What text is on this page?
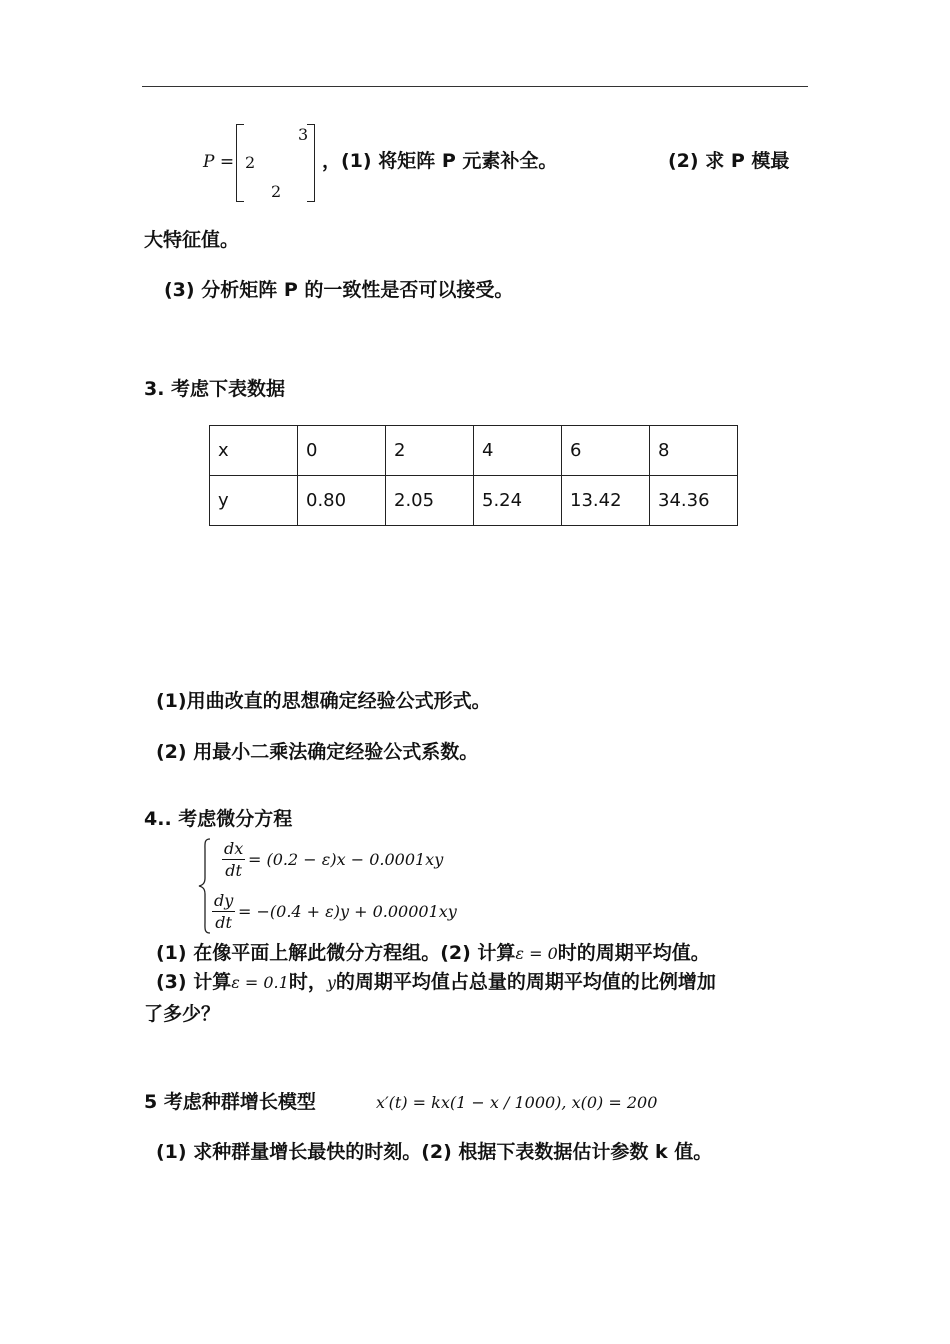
P =
3
2
2
，(1) 将矩阵 P 元素补全。	(2) 求 P 模最
大特征值。
(3) 分析矩阵 P 的一致性是否可以接受。
3. 考虑下表数据
x	0	2	4	6	8
y	0.80	2.05	5.24	13.42	34.36
(1)用曲改直的思想确定经验公式形式。
(2) 用最小二乘法确定经验公式系数。
4.. 考虑微分方程
$\frac{dx}{dt} = (0.2 - \varepsilon)x - 0.0001xy$
$\frac{dy}{dt} = -(0.4 + \varepsilon)y + 0.00001xy$
(1) 在像平面上解此微分方程组。(2) 计算ε = 0时的周期平均值。
(3) 计算ε = 0.1时，y的周期平均值占总量的周期平均值的比例增加
了多少？
5 考虑种群增长模型	x′(t) = kx(1 − x / 1000), x(0) = 200
(1) 求种群量增长最快的时刻。(2) 根据下表数据估计参数 k 值。
